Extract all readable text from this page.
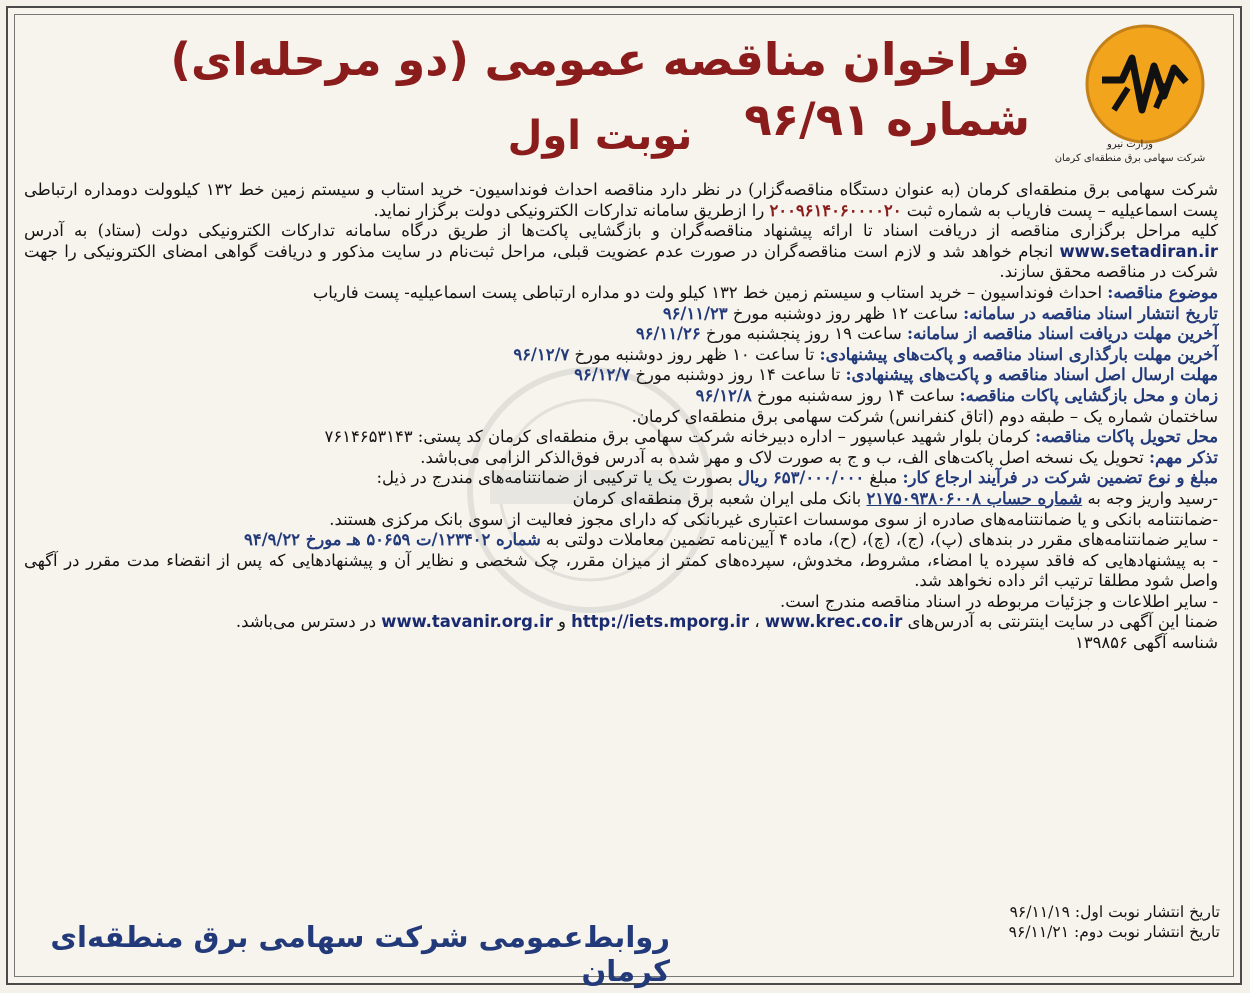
وزارت نیرو
شرکت سهامی برق منطقه‌ای کرمان
فراخوان مناقصه عمومی (دو مرحله‌ای) شماره ۹۶/۹۱
نوبت اول

شرکت سهامی برق منطقه‌ای کرمان (به عنوان دستگاه مناقصه‌گزار) در نظر دارد مناقصه احداث فونداسیون- خرید استاب و سیستم زمین خط ۱۳۲ کیلوولت دومداره ارتباطی پست اسماعیلیه – پست فاریاب به شماره ثبت ۲۰۰۹۶۱۴۰۶۰۰۰۰۲۰ را ازطریق سامانه تدارکات الکترونیکی دولت برگزار نماید.

کلیه مراحل برگزاری مناقصه از دریافت اسناد تا ارائه پیشنهاد مناقصه‌گران و بازگشایی پاکت‌ها از طریق درگاه سامانه تدارکات الکترونیکی دولت (ستاد) به آدرس www.setadiran.ir انجام خواهد شد و لازم است مناقصه‌گران در صورت عدم عضویت قبلی، مراحل ثبت‌نام در سایت مذکور و دریافت گواهی امضای الکترونیکی را جهت شرکت در مناقصه محقق سازند.

موضوع مناقصه: احداث فونداسیون – خرید استاب و سیستم زمین خط ۱۳۲ کیلو ولت دو مداره ارتباطی پست اسماعیلیه- پست فاریاب

تاریخ انتشار اسناد مناقصه در سامانه: ساعت ۱۲ ظهر روز دوشنبه مورخ ۹۶/۱۱/۲۳

آخرین مهلت دریافت اسناد مناقصه از سامانه: ساعت ۱۹ روز پنجشنبه مورخ ۹۶/۱۱/۲۶

آخرین مهلت بارگذاری اسناد مناقصه و پاکت‌های پیشنهادی: تا ساعت ۱۰ ظهر روز دوشنبه مورخ ۹۶/۱۲/۷

مهلت ارسال اصل اسناد مناقصه و پاکت‌های پیشنهادی: تا ساعت ۱۴ روز دوشنبه مورخ ۹۶/۱۲/۷

زمان و محل بازگشایی پاکات مناقصه: ساعت ۱۴ روز سه‌شنبه مورخ ۹۶/۱۲/۸

ساختمان شماره یک – طبقه دوم (اتاق کنفرانس) شرکت سهامی برق منطقه‌ای کرمان.

محل تحویل پاکات مناقصه: کرمان بلوار شهید عباسپور – اداره دبیرخانه شرکت سهامی برق منطقه‌ای کرمان کد پستی: ۷۶۱۴۶۵۳۱۴۳

تذکر مهم: تحویل یک نسخه اصل پاکت‌های الف، ب و ج به صورت لاک و مهر شده به آدرس فوق‌الذکر الزامی می‌باشد.

مبلغ و نوع تضمین شرکت در فرآیند ارجاع کار: مبلغ ۶۵۳/۰۰۰/۰۰۰ ریال بصورت یک یا ترکیبی از ضمانتنامه‌های مندرج در ذیل:

-رسید واریز وجه به شماره حساب ۲۱۷۵۰۹۳۸۰۶۰۰۸ بانک ملی ایران شعبه برق منطقه‌ای کرمان

-ضمانتنامه بانکی و یا ضمانتنامه‌های صادره از سوی موسسات اعتباری غیربانکی که دارای مجوز فعالیت از سوی بانک مرکزی هستند.

- سایر ضمانتنامه‌های مقرر در بندهای (پ)، (ج)، (چ)، (ح)، ماده ۴ آیین‌نامه تضمین معاملات دولتی به شماره ۱۲۳۴۰۲/ت ۵۰۶۵۹ هـ مورخ ۹۴/۹/۲۲

- به پیشنهادهایی که فاقد سپرده یا امضاء، مشروط، مخدوش، سپرده‌های کمتر از میزان مقرر، چک شخصی و نظایر آن و پیشنهادهایی که پس از انقضاء مدت مقرر در آگهی واصل شود مطلقا ترتیب اثر داده نخواهد شد.

- سایر اطلاعات و جزئیات مربوطه در اسناد مناقصه مندرج است.

ضمنا این آگهی در سایت اینترنتی به آدرس‌های http://iets.mporg.ir ، www.krec.co.ir و www.tavanir.org.ir در دسترس می‌باشد.

شناسه آگهی ۱۳۹۸۵۶

تاریخ انتشار نوبت اول: ۹۶/۱۱/۱۹
تاریخ انتشار نوبت دوم: ۹۶/۱۱/۲۱
روابط‌عمومی شرکت سهامی برق منطقه‌ای کرمان
